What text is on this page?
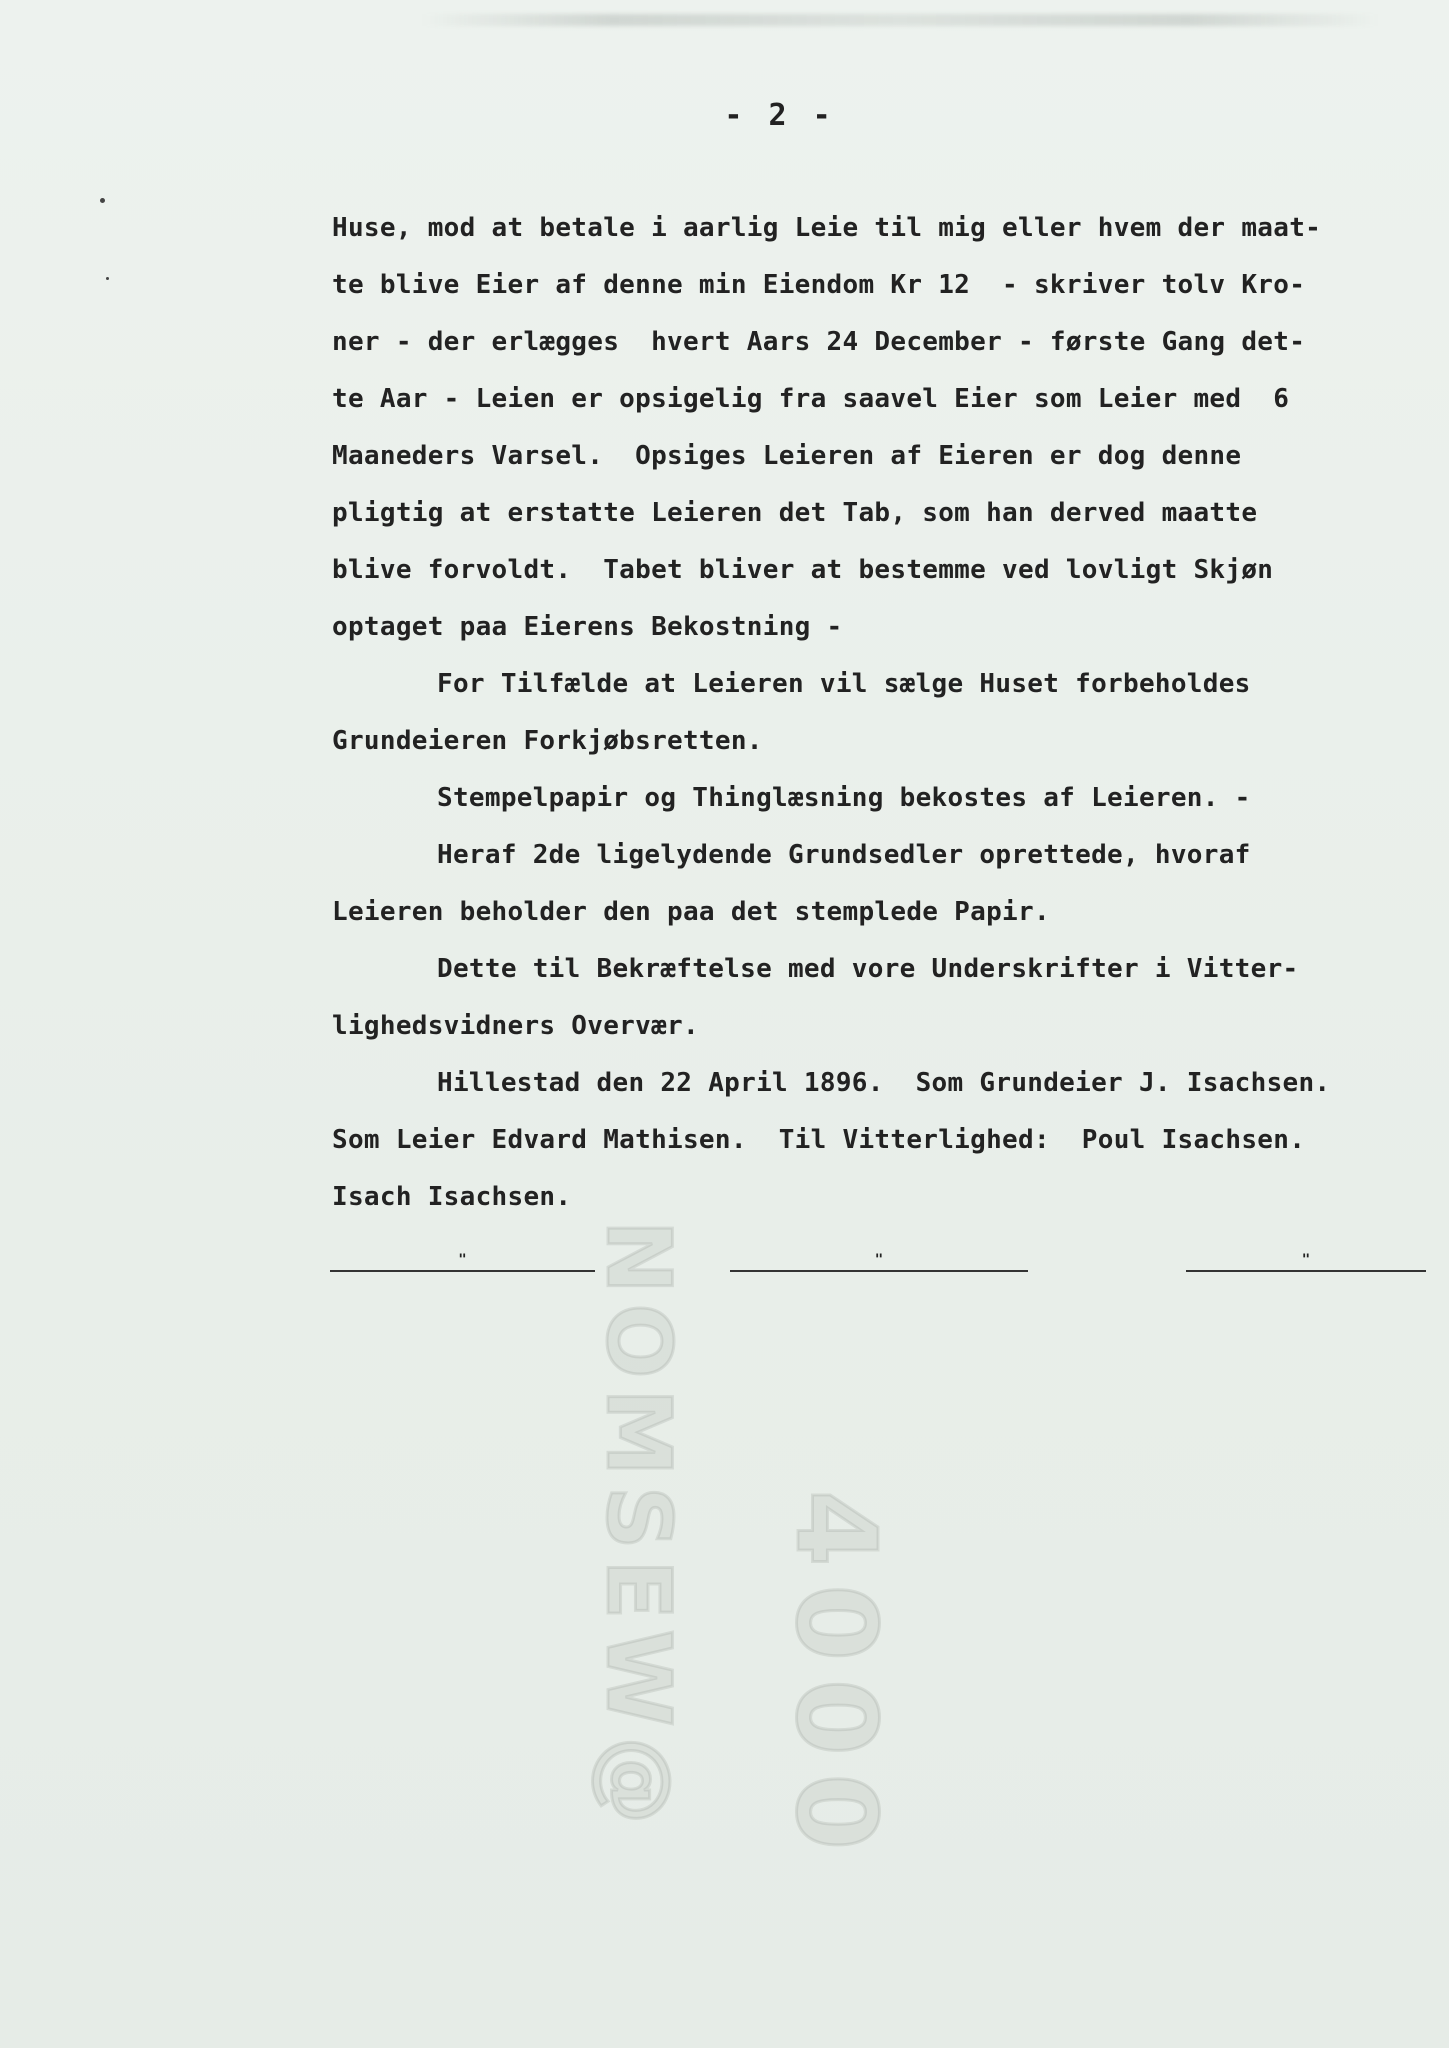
NOMSEW@ 4000
- 2 -
Huse, mod at betale i aarlig Leie til mig eller hvem der maat-
te blive Eier af denne min Eiendom Kr 12  - skriver tolv Kro-
ner - der erlægges  hvert Aars 24 December - første Gang det-
te Aar - Leien er opsigelig fra saavel Eier som Leier med  6
Maaneders Varsel.  Opsiges Leieren af Eieren er dog denne
pligtig at erstatte Leieren det Tab, som han derved maatte
blive forvoldt.  Tabet bliver at bestemme ved lovligt Skjøn
optaget paa Eierens Bekostning -
For Tilfælde at Leieren vil sælge Huset forbeholdes
Grundeieren Forkjøbsretten.
Stempelpapir og Thinglæsning bekostes af Leieren. -
Heraf 2de ligelydende Grundsedler oprettede, hvoraf
Leieren beholder den paa det stemplede Papir.
Dette til Bekræftelse med vore Underskrifter i Vitter-
lighedsvidners Overvær.
Hillestad den 22 April 1896.  Som Grundeier J. Isachsen.
Som Leier Edvard Mathisen.  Til Vitterlighed:  Poul Isachsen.
Isach Isachsen.
"	"	"
